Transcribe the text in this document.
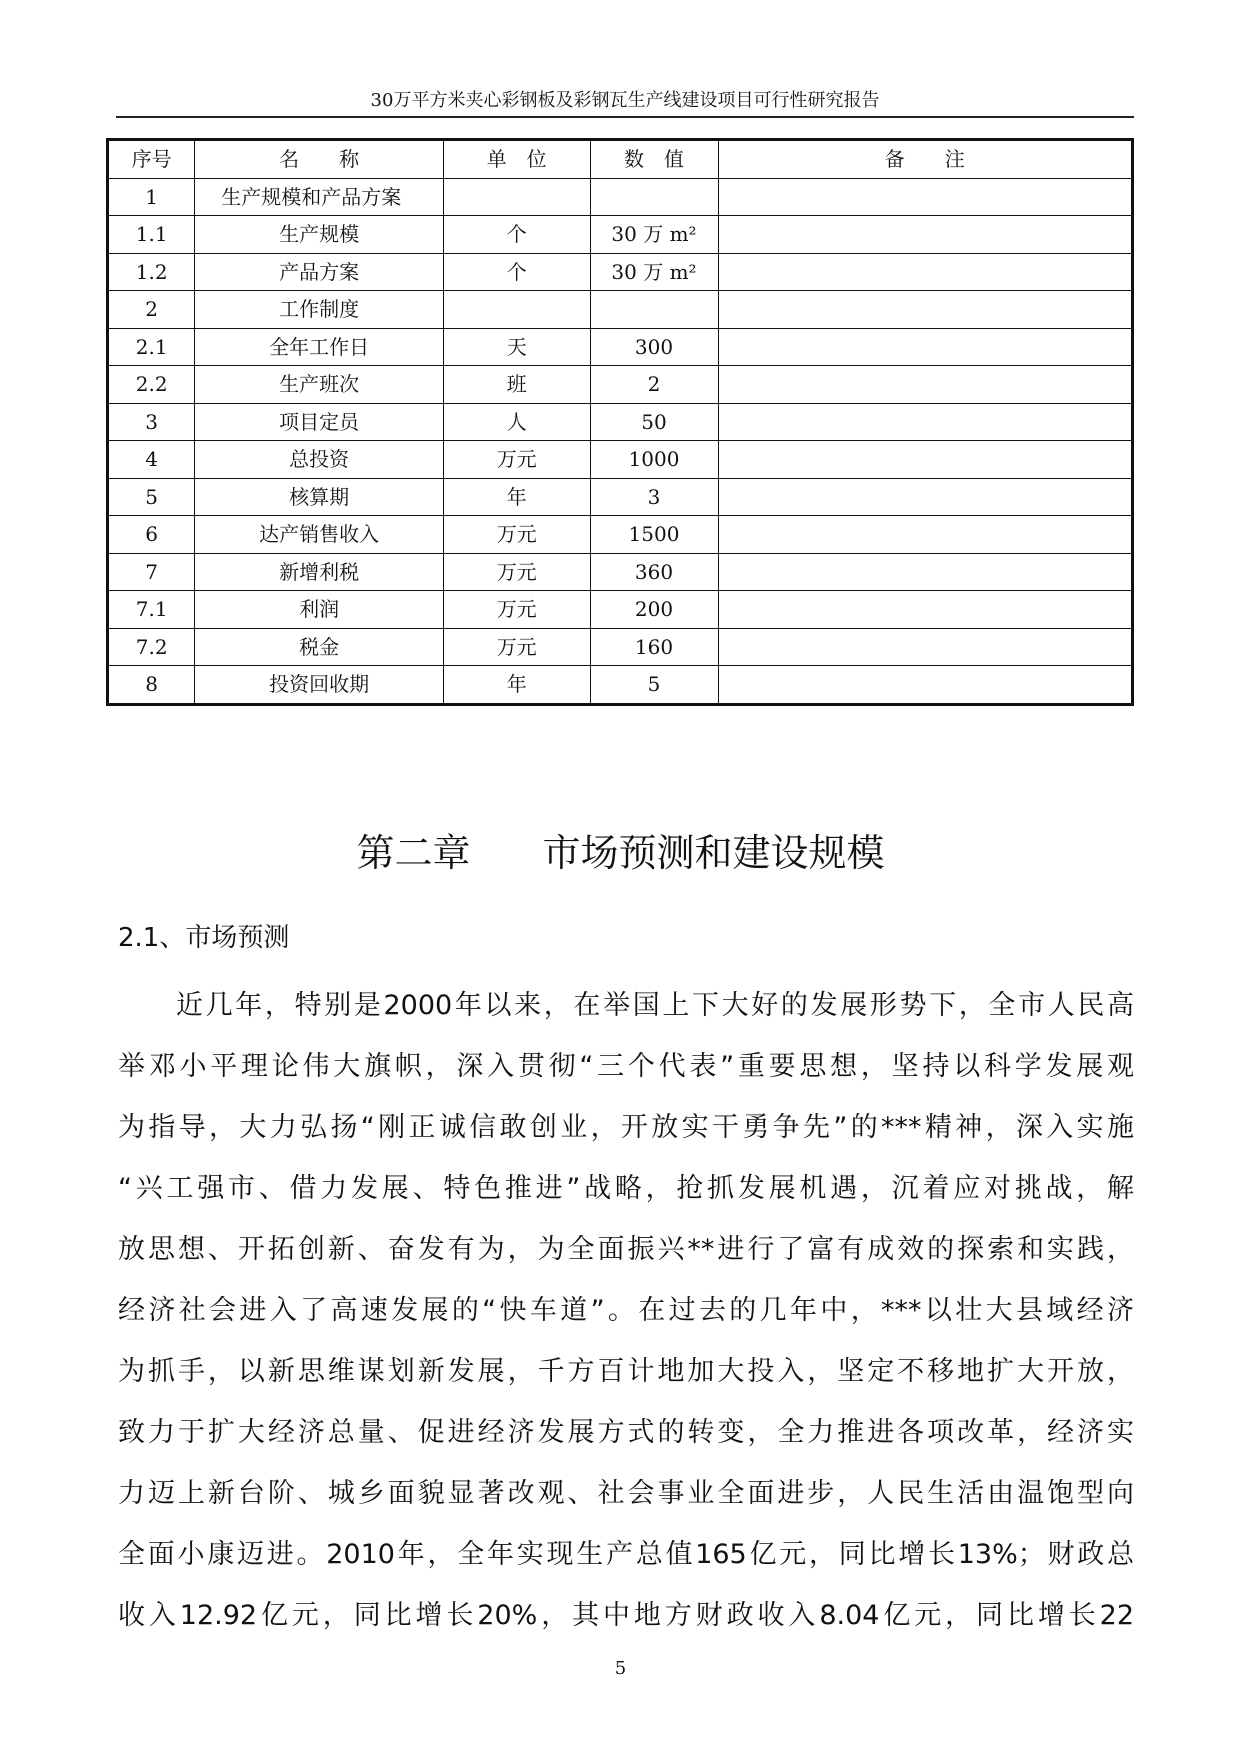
30万平方米夹心彩钢板及彩钢瓦生产线建设项目可行性研究报告
序号	名　　称	单　位	数　值	备　　注
1	生产规模和产品方案			
1.1	生产规模	个	30 万 m²	
1.2	产品方案	个	30 万 m²	
2	工作制度			
2.1	全年工作日	天	300	
2.2	生产班次	班	2	
3	项目定员	人	50	
4	总投资	万元	1000	
5	核算期	年	3	
6	达产销售收入	万元	1500	
7	新增利税	万元	360	
7.1	利润	万元	200	
7.2	税金	万元	160	
8	投资回收期	年	5	
第二章 市场预测和建设规模
2.1、市场预测
近几年，特别是2000年以来，在举国上下大好的发展形势下，全市人民高
举邓小平理论伟大旗帜，深入贯彻“三个代表”重要思想，坚持以科学发展观
为指导，大力弘扬“刚正诚信敢创业，开放实干勇争先”的***精神，深入实施
“兴工强市、借力发展、特色推进”战略，抢抓发展机遇，沉着应对挑战，解
放思想、开拓创新、奋发有为，为全面振兴**进行了富有成效的探索和实践，
经济社会进入了高速发展的“快车道”。在过去的几年中，***以壮大县域经济
为抓手，以新思维谋划新发展，千方百计地加大投入，坚定不移地扩大开放，
致力于扩大经济总量、促进经济发展方式的转变，全力推进各项改革，经济实
力迈上新台阶、城乡面貌显著改观、社会事业全面进步，人民生活由温饱型向
全面小康迈进。2010年，全年实现生产总值165亿元，同比增长13%；财政总
收入12.92亿元，同比增长20%，其中地方财政收入8.04亿元，同比增长22
5
